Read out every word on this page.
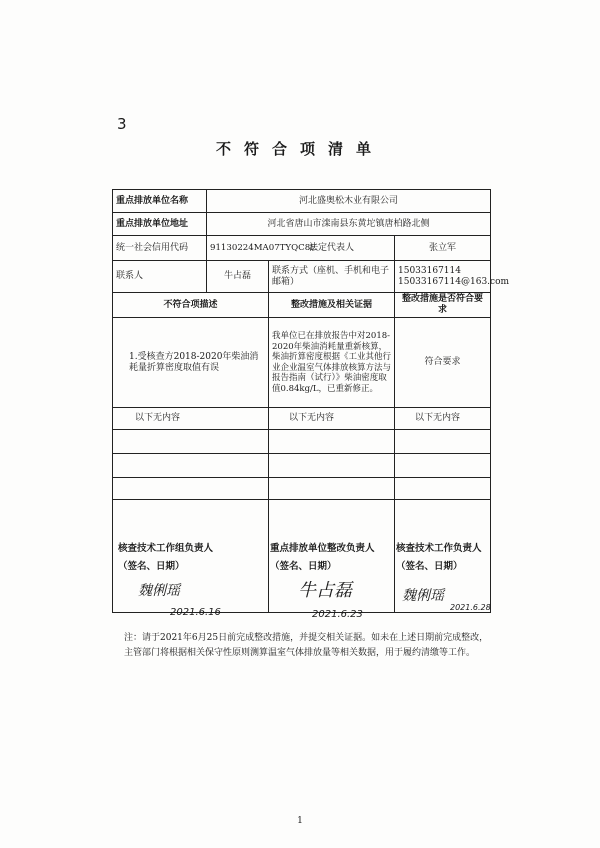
3
不符合项清单
重点排放单位名称	河北盛奥松木业有限公司		
重点排放单位地址	河北省唐山市滦南县东黄坨镇唐柏路北侧		
统一社会信用代码	91130224MA07TYQC8E
法定代表人		张立军
联系人	牛占磊	联系方式（座机、手机和电子邮箱）	15033167114
15033167114@163.com

不符合项描述		整改措施及相关证据	整改措施是否符合要求
1.受核查方2018-2020年柴油消耗量折算密度取值有误		我单位已在排放报告中对2018-2020年柴油消耗量重新核算，柴油折算密度根据《工业其他行业企业温室气体排放核算方法与报告指南（试行）》柴油密度取值0.84kg/L，已重新修正。	符合要求
以下无内容		以下无内容	以下无内容

核查技术工作组负责人
（签名、日期）
魏俐瑶
2021.6.16
重点排放单位整改负责人
（签名、日期）
牛占磊
2021.6.23
核查技术工作负责人
（签名、日期）
魏俐瑶
2021.6.28
注：请于2021年6月25日前完成整改措施，并提交相关证据。如未在上述日期前完成整改，主管部门将根据相关保守性原则测算温室气体排放量等相关数据，用于履约清缴等工作。
1
